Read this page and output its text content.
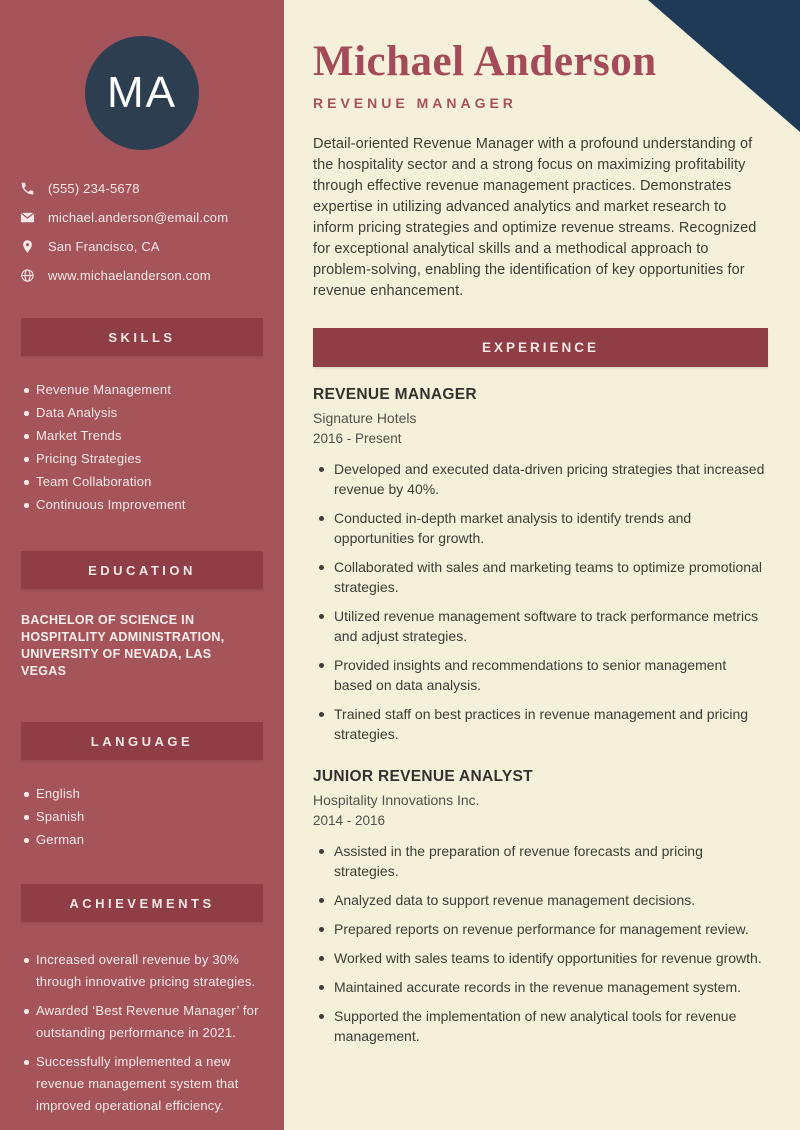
MA
(555) 234-5678
michael.anderson@email.com
San Francisco, CA
www.michaelanderson.com
SKILLS
Revenue Management
Data Analysis
Market Trends
Pricing Strategies
Team Collaboration
Continuous Improvement
EDUCATION
BACHELOR OF SCIENCE IN HOSPITALITY ADMINISTRATION, UNIVERSITY OF NEVADA, LAS VEGAS
LANGUAGE
English
Spanish
German
ACHIEVEMENTS
Increased overall revenue by 30% through innovative pricing strategies.
Awarded ‘Best Revenue Manager’ for outstanding performance in 2021.
Successfully implemented a new revenue management system that improved operational efficiency.
Michael Anderson
REVENUE MANAGER

Detail-oriented Revenue Manager with a profound understanding of the hospitality sector and a strong focus on maximizing profitability through effective revenue management practices. Demonstrates expertise in utilizing advanced analytics and market research to inform pricing strategies and optimize revenue streams. Recognized for exceptional analytical skills and a methodical approach to problem-solving, enabling the identification of key opportunities for revenue enhancement.

EXPERIENCE
REVENUE MANAGER
Signature Hotels
2016 - Present
Developed and executed data-driven pricing strategies that increased revenue by 40%.
Conducted in-depth market analysis to identify trends and opportunities for growth.
Collaborated with sales and marketing teams to optimize promotional strategies.
Utilized revenue management software to track performance metrics and adjust strategies.
Provided insights and recommendations to senior management based on data analysis.
Trained staff on best practices in revenue management and pricing strategies.
JUNIOR REVENUE ANALYST
Hospitality Innovations Inc.
2014 - 2016
Assisted in the preparation of revenue forecasts and pricing strategies.
Analyzed data to support revenue management decisions.
Prepared reports on revenue performance for management review.
Worked with sales teams to identify opportunities for revenue growth.
Maintained accurate records in the revenue management system.
Supported the implementation of new analytical tools for revenue management.
